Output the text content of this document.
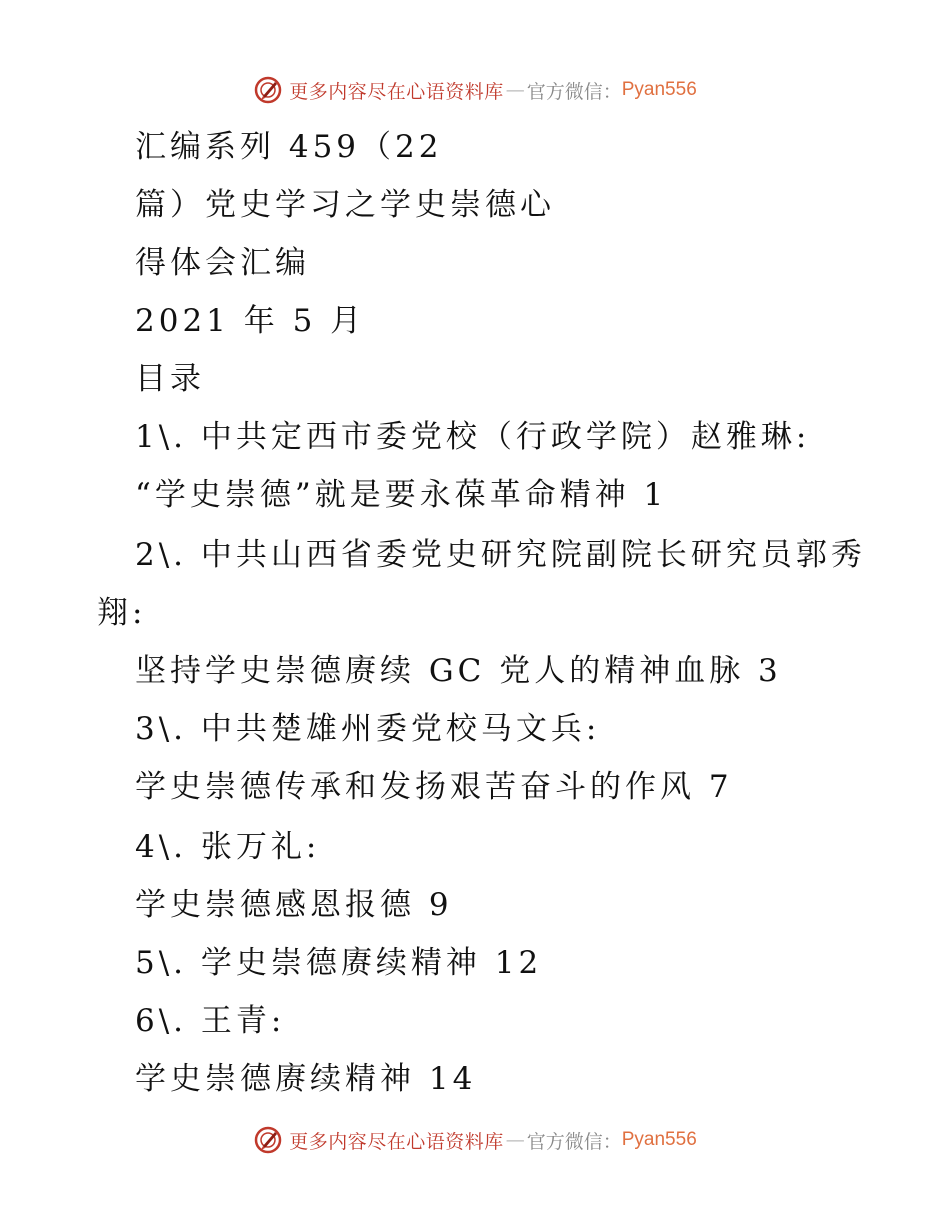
更多内容尽在心语资料库 — 官方微信： Pyan556
汇编系列 459（22
篇）党史学习之学史崇德心
得体会汇编
2021 年 5 月
目录
1\. 中共定西市委党校（行政学院）赵雅琳:
“学史崇德”就是要永葆革命精神 1
2\. 中共山西省委党史研究院副院长研究员郭秀
翔:
坚持学史崇德赓续 GC 党人的精神血脉 3
3\. 中共楚雄州委党校马文兵:
学史崇德传承和发扬艰苦奋斗的作风 7
4\. 张万礼:
学史崇德感恩报德 9
5\. 学史崇德赓续精神 12
6\. 王青:
学史崇德赓续精神 14
更多内容尽在心语资料库 — 官方微信： Pyan556
